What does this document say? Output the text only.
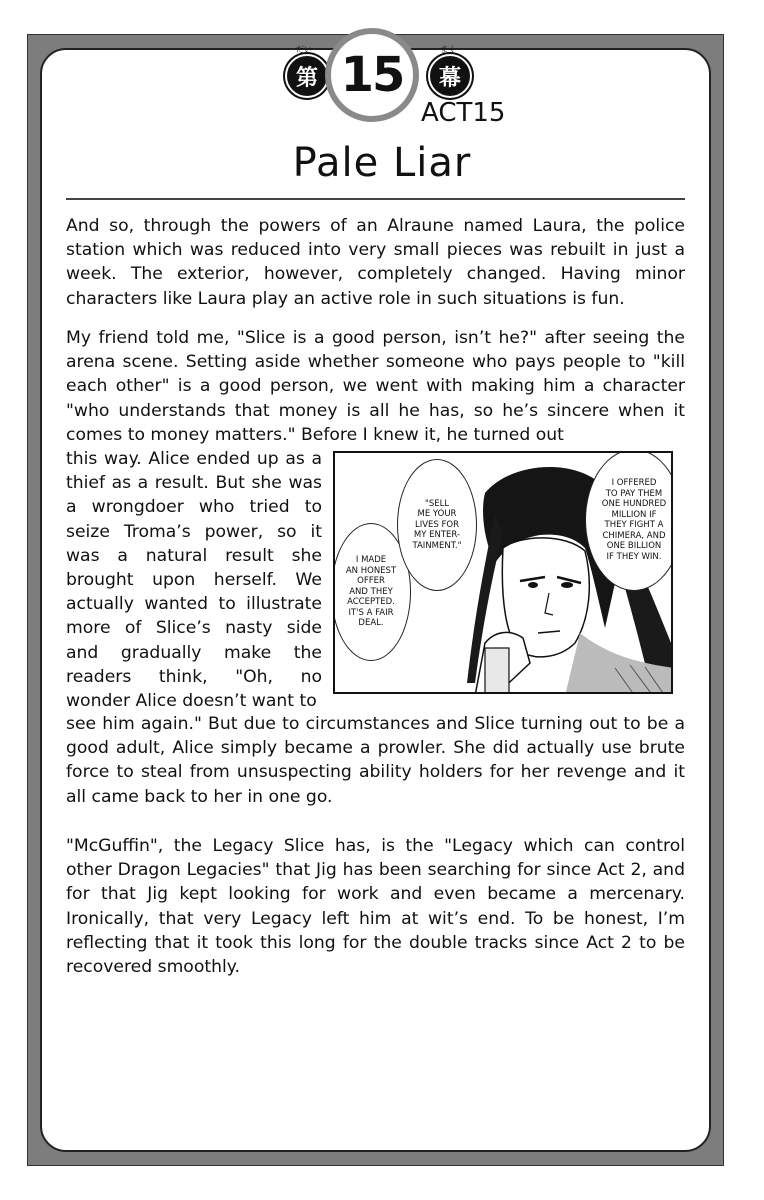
だい
第 15	まく
幕
ACT15
Pale Liar

And so, through the powers of an Alraune named Laura, the police station which was reduced into very small pieces was rebuilt in just a week. The exterior, however, completely changed. Having minor characters like Laura play an active role in such situations is fun.

My friend told me, "Slice is a good person, isn’t he?" after seeing the arena scene. Setting aside whether someone who pays people to "kill each other" is a good person, we went with making him a character "who understands that money is all he has, so he’s sincere when it comes to money matters." Before I knew it, he turned out

this way. Alice ended up as a thief as a result. But she was a wrongdoer who tried to seize Troma’s power, so it was a natural result she brought upon herself. We actually wanted to illustrate more of Slice’s nasty side and gradually make the readers think, "Oh, no wonder Alice doesn’t want to

see him again." But due to circumstances and Slice turning out to be a good adult, Alice simply became a prowler. She did actually use brute force to steal from unsuspecting ability holders for her revenge and it all came back to her in one go.

"McGuffin", the Legacy Slice has, is the "Legacy which can control other Dragon Legacies" that Jig has been searching for since Act 2, and for that Jig kept looking for work and even became a mercenary. Ironically, that very Legacy left him at wit’s end. To be honest, I’m reflecting that it took this long for the double tracks since Act 2 to be recovered smoothly.

I MADE
AN HONEST
OFFER
AND THEY
ACCEPTED.
IT'S A FAIR
DEAL.
"SELL
ME YOUR
LIVES FOR
MY ENTER-
TAINMENT."
I OFFERED
TO PAY THEM
ONE HUNDRED
MILLION IF
THEY FIGHT A
CHIMERA, AND
ONE BILLION
IF THEY WIN.
